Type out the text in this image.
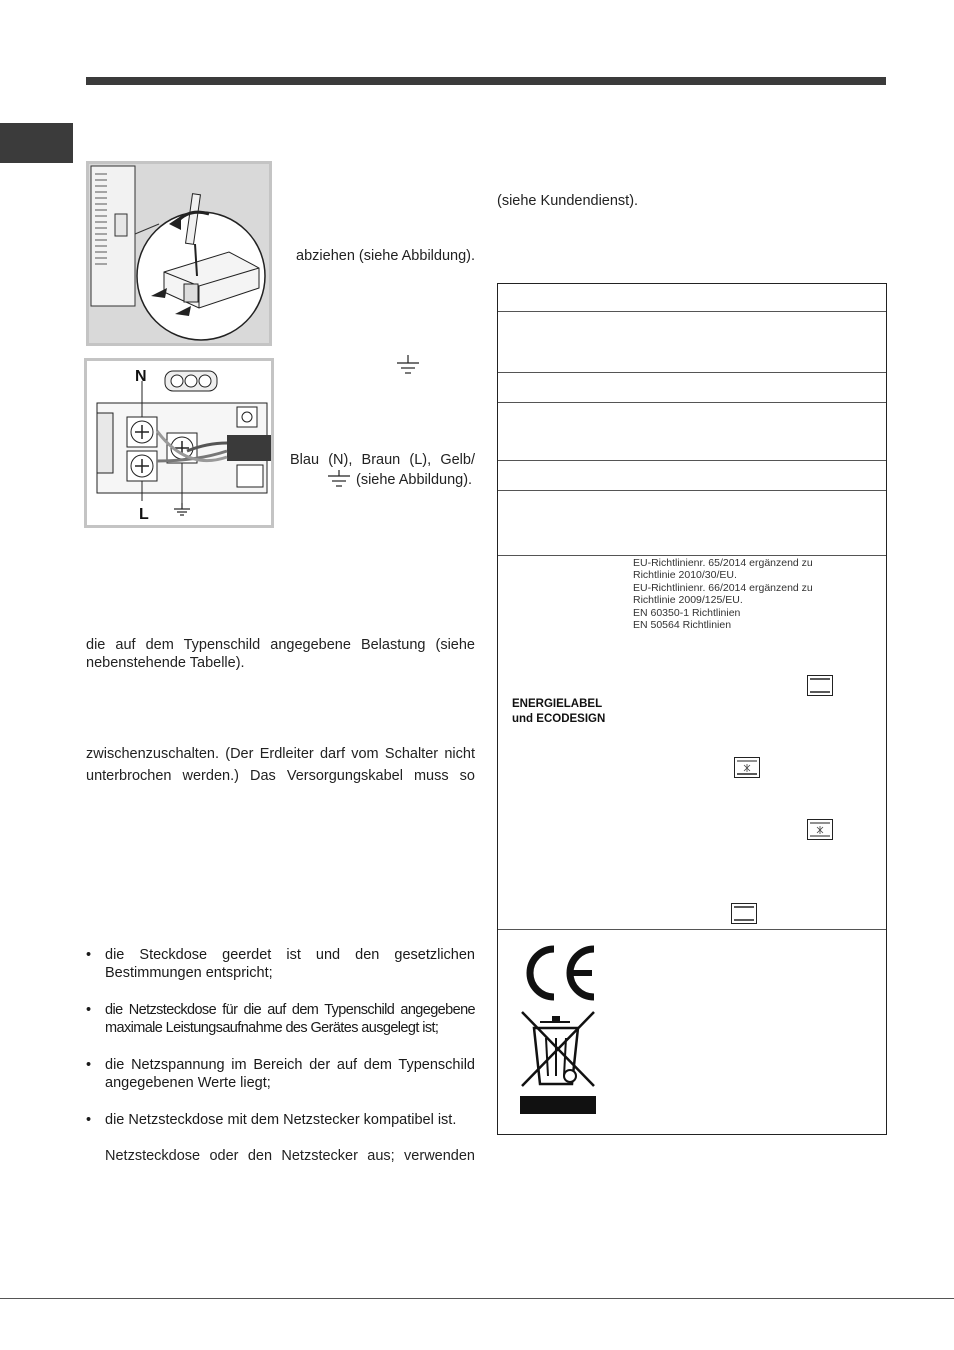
N
L
abziehen (siehe Abbildung).
Blau (N), Braun (L), Gelb/
(siehe Abbildung).
die auf dem Typenschild angegebene Belastung (siehe
nebenstehende Tabelle).
zwischenzuschalten. (Der Erdleiter darf vom Schalter nicht
unterbrochen werden.) Das Versorgungskabel muss so
• die Steckdose geerdet ist und den gesetzlichen
Bestimmungen entspricht;
• die Netzsteckdose für die auf dem Typenschild angegebene
maximale Leistungsaufnahme des Gerätes ausgelegt ist;
• die Netzspannung im Bereich der auf dem Typenschild
angegebenen Werte liegt;
• die Netzsteckdose mit dem Netzstecker kompatibel ist.
Netzsteckdose oder den Netzstecker aus; verwenden
(siehe Kundendienst).
EU-Richtlinienr. 65/2014 ergänzend zu
Richtlinie 2010/30/EU.
EU-Richtlinienr. 66/2014 ergänzend zu
Richtlinie 2009/125/EU.
EN 60350-1 Richtlinien
EN 50564 Richtlinien
ENERGIELABEL
und ECODESIGN
